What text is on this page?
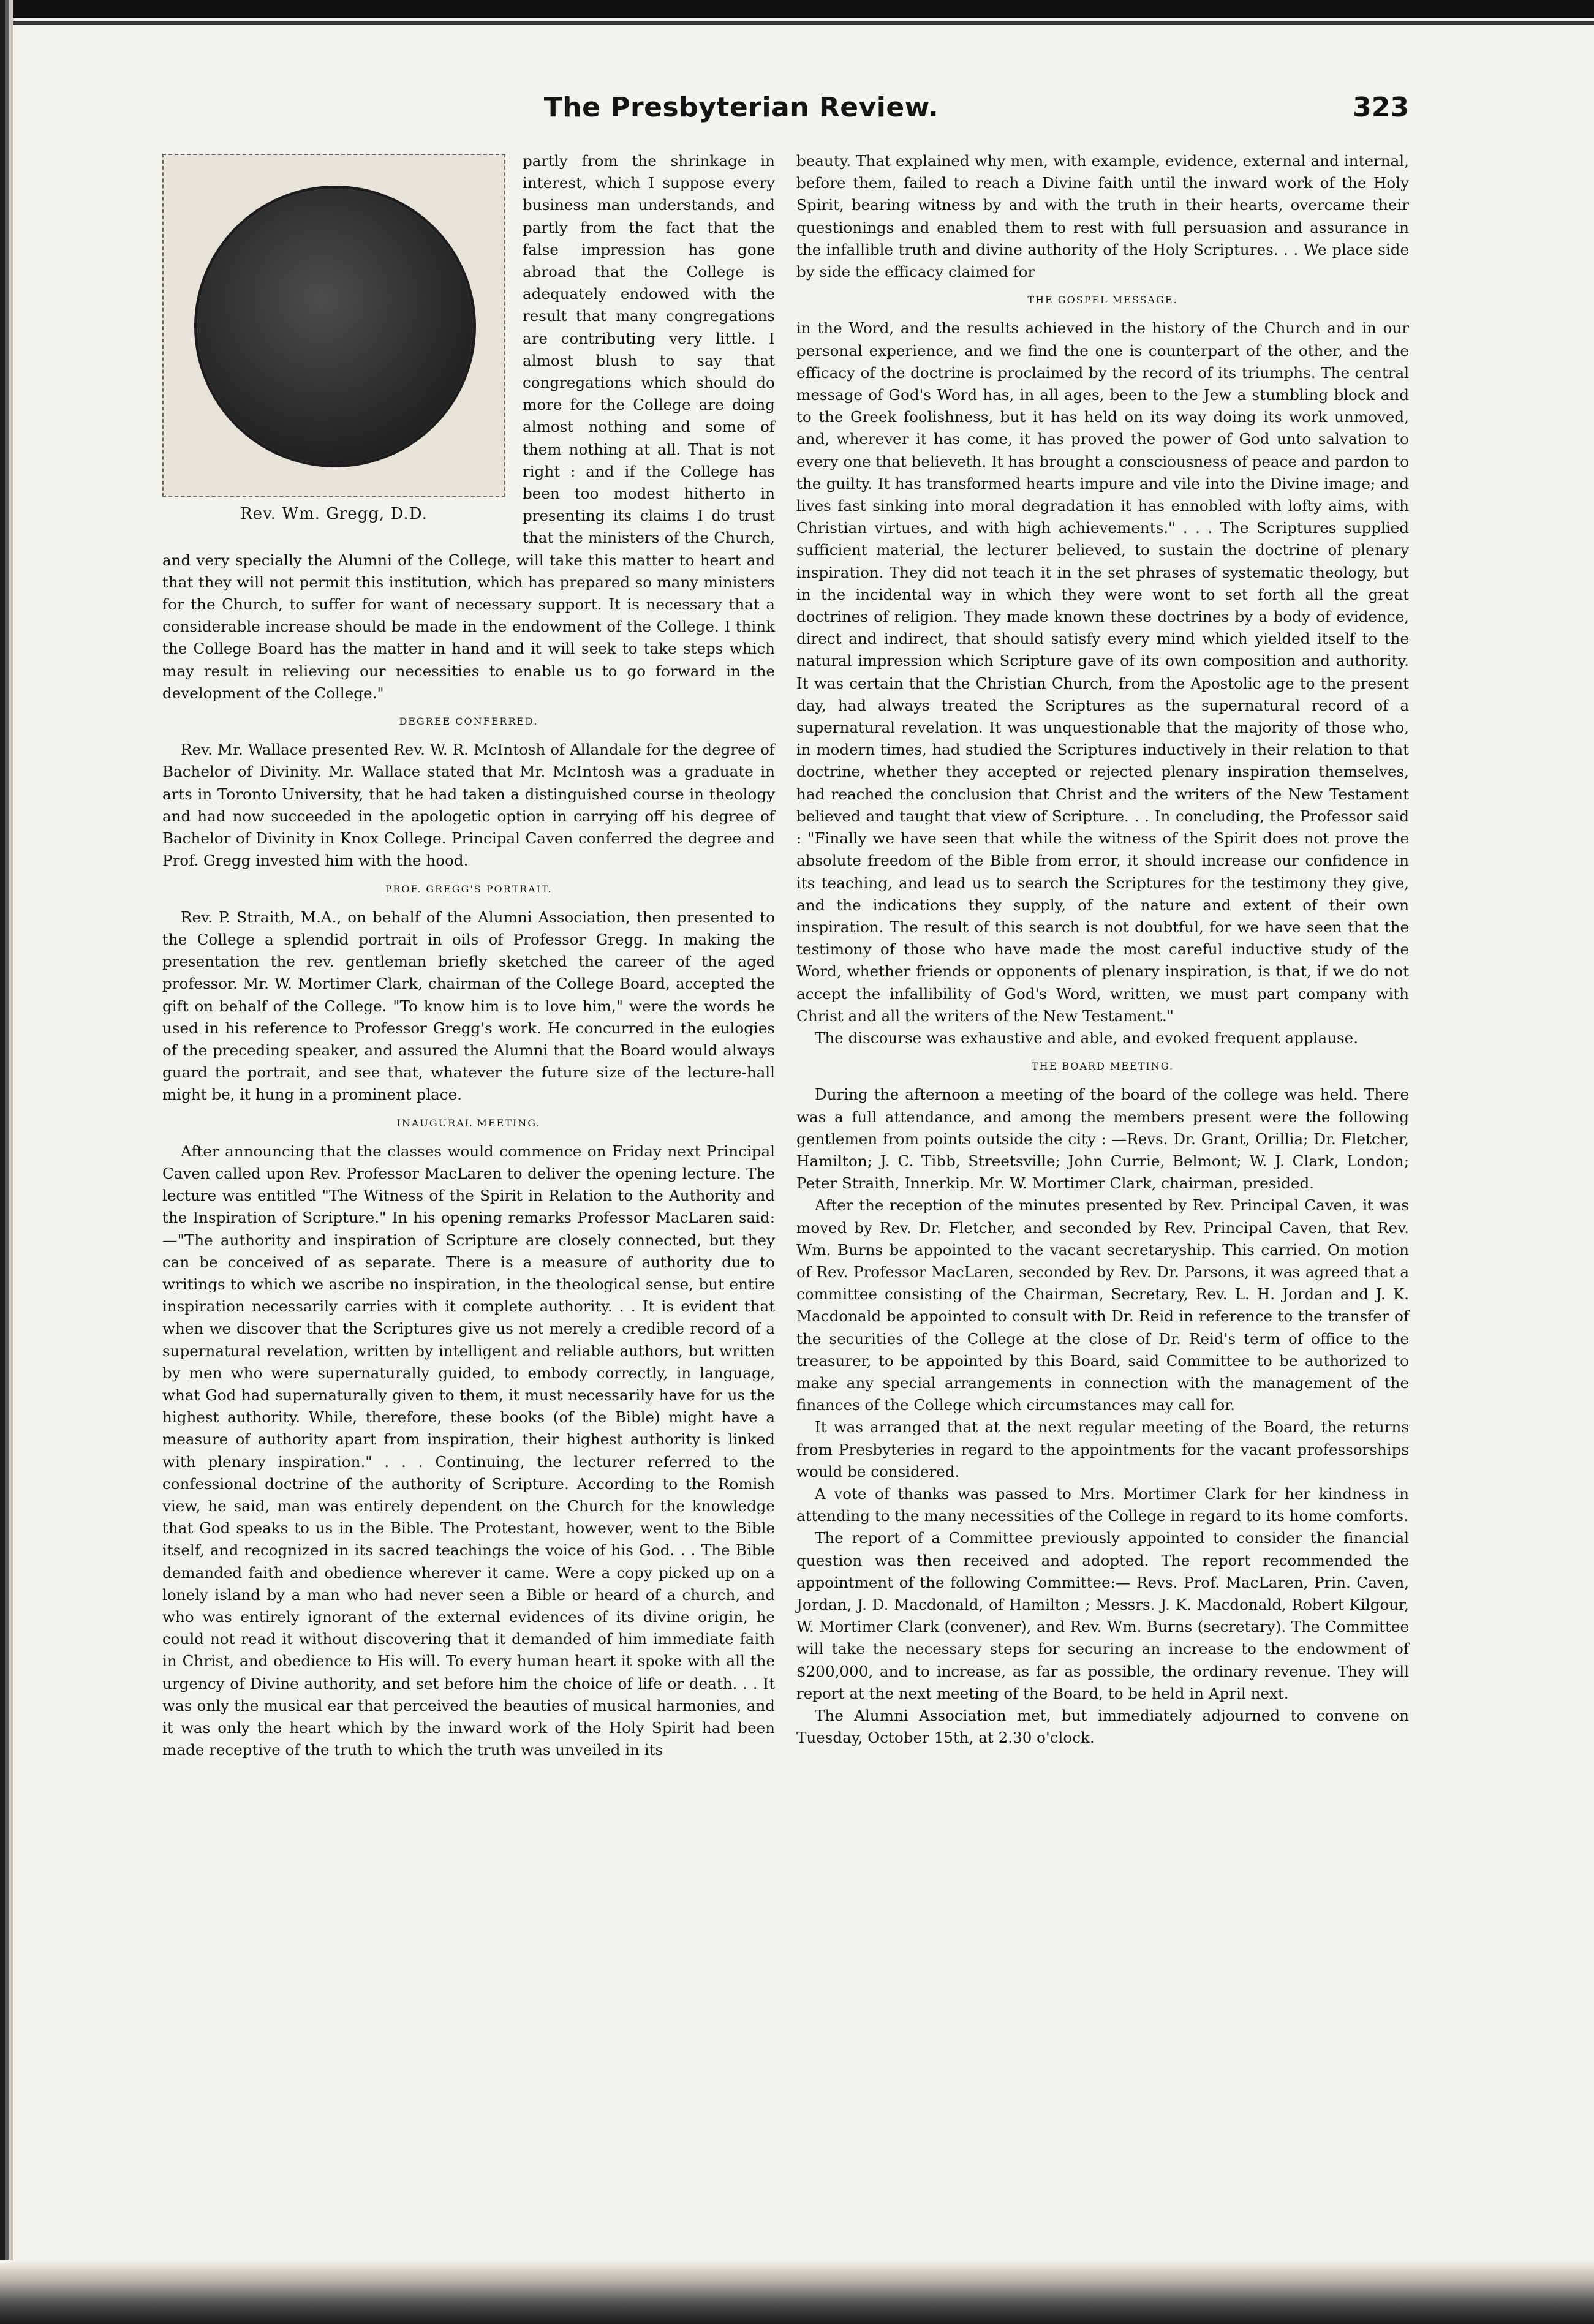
The Presbyterian Review.	323
Rev. Wm. Gregg, D.D.

partly from the shrinkage in interest, which I suppose every business man understands, and partly from the fact that the false impression has gone abroad that the College is adequately endowed with the result that many congregations are contributing very little. I almost blush to say that congregations which should do more for the College are doing almost nothing and some of them nothing at all. That is not right : and if the College has been too modest hitherto in presenting its claims I do trust that the ministers of the Church, and very specially the Alumni of the College, will take this matter to heart and that they will not permit this institution, which has prepared so many ministers for the Church, to suffer for want of necessary support. It is necessary that a considerable increase should be made in the endowment of the College. I think the College Board has the matter in hand and it will seek to take steps which may result in relieving our necessities to enable us to go forward in the development of the College."

DEGREE CONFERRED.

Rev. Mr. Wallace presented Rev. W. R. McIntosh of Allandale for the degree of Bachelor of Divinity. Mr. Wallace stated that Mr. McIntosh was a graduate in arts in Toronto University, that he had taken a distinguished course in theology and had now succeeded in the apologetic option in carrying off his degree of Bachelor of Divinity in Knox College. Principal Caven conferred the degree and Prof. Gregg invested him with the hood.

PROF. GREGG'S PORTRAIT.

Rev. P. Straith, M.A., on behalf of the Alumni Association, then presented to the College a splendid portrait in oils of Professor Gregg. In making the presentation the rev. gentleman briefly sketched the career of the aged professor. Mr. W. Mortimer Clark, chairman of the College Board, accepted the gift on behalf of the College. "To know him is to love him," were the words he used in his reference to Professor Gregg's work. He concurred in the eulogies of the preceding speaker, and assured the Alumni that the Board would always guard the portrait, and see that, whatever the future size of the lecture-hall might be, it hung in a prominent place.

INAUGURAL MEETING.

After announcing that the classes would commence on Friday next Principal Caven called upon Rev. Professor MacLaren to deliver the opening lecture. The lecture was entitled "The Witness of the Spirit in Relation to the Authority and the Inspiration of Scripture." In his opening remarks Professor MacLaren said: —"The authority and inspiration of Scripture are closely connected, but they can be conceived of as separate. There is a measure of authority due to writings to which we ascribe no inspiration, in the theological sense, but entire inspiration necessarily carries with it complete authority. . . It is evident that when we discover that the Scriptures give us not merely a credible record of a supernatural revelation, written by intelligent and reliable authors, but written by men who were supernaturally guided, to embody correctly, in language, what God had supernaturally given to them, it must necessarily have for us the highest authority. While, therefore, these books (of the Bible) might have a measure of authority apart from inspiration, their highest authority is linked with plenary inspiration." . . . Continuing, the lecturer referred to the confessional doctrine of the authority of Scripture. According to the Romish view, he said, man was entirely dependent on the Church for the knowledge that God speaks to us in the Bible. The Protestant, however, went to the Bible itself, and recognized in its sacred teachings the voice of his God. . . The Bible demanded faith and obedience wherever it came. Were a copy picked up on a lonely island by a man who had never seen a Bible or heard of a church, and who was entirely ignorant of the external evidences of its divine origin, he could not read it without discovering that it demanded of him immediate faith in Christ, and obedience to His will. To every human heart it spoke with all the urgency of Divine authority, and set before him the choice of life or death. . . It was only the musical ear that perceived the beauties of musical harmonies, and it was only the heart which by the inward work of the Holy Spirit had been made receptive of the truth to which the truth was unveiled in its

beauty. That explained why men, with example, evidence, external and internal, before them, failed to reach a Divine faith until the inward work of the Holy Spirit, bearing witness by and with the truth in their hearts, overcame their questionings and enabled them to rest with full persuasion and assurance in the infallible truth and divine authority of the Holy Scriptures. . . We place side by side the efficacy claimed for

THE GOSPEL MESSAGE.

in the Word, and the results achieved in the history of the Church and in our personal experience, and we find the one is counterpart of the other, and the efficacy of the doctrine is proclaimed by the record of its triumphs. The central message of God's Word has, in all ages, been to the Jew a stumbling block and to the Greek foolishness, but it has held on its way doing its work unmoved, and, wherever it has come, it has proved the power of God unto salvation to every one that believeth. It has brought a consciousness of peace and pardon to the guilty. It has transformed hearts impure and vile into the Divine image; and lives fast sinking into moral degradation it has ennobled with lofty aims, with Christian virtues, and with high achievements." . . . The Scriptures supplied sufficient material, the lecturer believed, to sustain the doctrine of plenary inspiration. They did not teach it in the set phrases of systematic theology, but in the incidental way in which they were wont to set forth all the great doctrines of religion. They made known these doctrines by a body of evidence, direct and indirect, that should satisfy every mind which yielded itself to the natural impression which Scripture gave of its own composition and authority. It was certain that the Christian Church, from the Apostolic age to the present day, had always treated the Scriptures as the supernatural record of a supernatural revelation. It was unquestionable that the majority of those who, in modern times, had studied the Scriptures inductively in their relation to that doctrine, whether they accepted or rejected plenary inspiration themselves, had reached the conclusion that Christ and the writers of the New Testament believed and taught that view of Scripture. . . In concluding, the Professor said : "Finally we have seen that while the witness of the Spirit does not prove the absolute freedom of the Bible from error, it should increase our confidence in its teaching, and lead us to search the Scriptures for the testimony they give, and the indications they supply, of the nature and extent of their own inspiration. The result of this search is not doubtful, for we have seen that the testimony of those who have made the most careful inductive study of the Word, whether friends or opponents of plenary inspiration, is that, if we do not accept the infallibility of God's Word, written, we must part company with Christ and all the writers of the New Testament."

The discourse was exhaustive and able, and evoked frequent applause.

THE BOARD MEETING.

During the afternoon a meeting of the board of the college was held. There was a full attendance, and among the members present were the following gentlemen from points outside the city : —Revs. Dr. Grant, Orillia; Dr. Fletcher, Hamilton; J. C. Tibb, Streetsville; John Currie, Belmont; W. J. Clark, London; Peter Straith, Innerkip. Mr. W. Mortimer Clark, chairman, presided.

After the reception of the minutes presented by Rev. Principal Caven, it was moved by Rev. Dr. Fletcher, and seconded by Rev. Principal Caven, that Rev. Wm. Burns be appointed to the vacant secretaryship. This carried. On motion of Rev. Professor MacLaren, seconded by Rev. Dr. Parsons, it was agreed that a committee consisting of the Chairman, Secretary, Rev. L. H. Jordan and J. K. Macdonald be appointed to consult with Dr. Reid in reference to the transfer of the securities of the College at the close of Dr. Reid's term of office to the treasurer, to be appointed by this Board, said Committee to be authorized to make any special arrangements in connection with the management of the finances of the College which circumstances may call for.

It was arranged that at the next regular meeting of the Board, the returns from Presbyteries in regard to the appointments for the vacant professorships would be considered.

A vote of thanks was passed to Mrs. Mortimer Clark for her kindness in attending to the many necessities of the College in regard to its home comforts.

The report of a Committee previously appointed to consider the financial question was then received and adopted. The report recommended the appointment of the following Committee:— Revs. Prof. MacLaren, Prin. Caven, Jordan, J. D. Macdonald, of Hamilton ; Messrs. J. K. Macdonald, Robert Kilgour, W. Mortimer Clark (convener), and Rev. Wm. Burns (secretary). The Committee will take the necessary steps for securing an increase to the endowment of $200,000, and to increase, as far as possible, the ordinary revenue. They will report at the next meeting of the Board, to be held in April next.

The Alumni Association met, but immediately adjourned to convene on Tuesday, October 15th, at 2.30 o'clock.
